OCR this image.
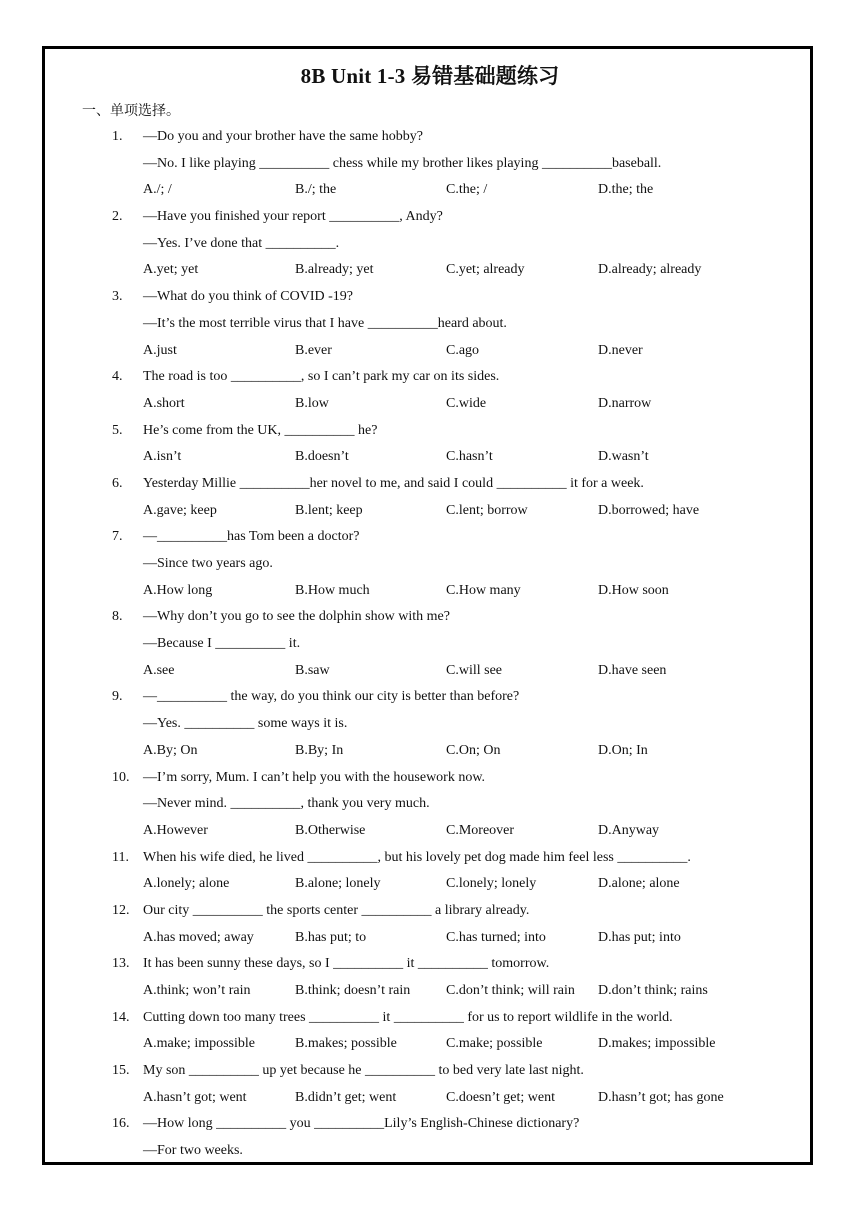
8B Unit 1-3 易错基础题练习
一、单项选择。
1. —Do you and your brother have the same hobby?
—No. I like playing __________ chess while my brother likes playing __________baseball.
A./; /	B./; the	C.the; /	D.the; the
2. —Have you finished your report __________, Andy?
—Yes. I’ve done that __________.
A.yet; yet	B.already; yet	C.yet; already	D.already; already
3. —What do you think of COVID -19?
—It’s the most terrible virus that I have __________heard about.
A.just	B.ever	C.ago	D.never
4. The road is too __________, so I can’t park my car on its sides.
A.short	B.low	C.wide	D.narrow
5. He’s come from the UK, __________ he?
A.isn’t	B.doesn’t	C.hasn’t	D.wasn’t
6. Yesterday Millie __________her novel to me, and said I could __________ it for a week.
A.gave; keep	B.lent; keep	C.lent; borrow	D.borrowed; have
7. —__________has Tom been a doctor?
—Since two years ago.
A.How long	B.How much	C.How many	D.How soon
8. —Why don’t you go to see the dolphin show with me?
—Because I __________ it.
A.see	B.saw	C.will see	D.have seen
9. —__________ the way, do you think our city is better than before?
—Yes. __________ some ways it is.
A.By; On	B.By; In	C.On; On	D.On; In
10. —I’m sorry, Mum. I can’t help you with the housework now.
—Never mind. __________, thank you very much.
A.However	B.Otherwise	C.Moreover	D.Anyway
11. When his wife died, he lived __________, but his lovely pet dog made him feel less __________.
A.lonely; alone	B.alone; lonely	C.lonely; lonely	D.alone; alone
12. Our city __________ the sports center __________ a library already.
A.has moved; away	B.has put; to	C.has turned; into	D.has put; into
13. It has been sunny these days, so I __________ it __________ tomorrow.
A.think; won’t rain	B.think; doesn’t rain	C.don’t think; will rain D.don’t think; rains
14. Cutting down too many trees __________ it __________ for us to report wildlife in the world.
A.make; impossible	B.makes; possible	C.make; possible	D.makes; impossible
15. My son __________ up yet because he __________ to bed very late last night.
A.hasn’t got; went	B.didn’t get; went	C.doesn’t get; went	D.hasn’t got; has gone
16. —How long __________ you __________Lily’s English-Chinese dictionary?
—For two weeks.
